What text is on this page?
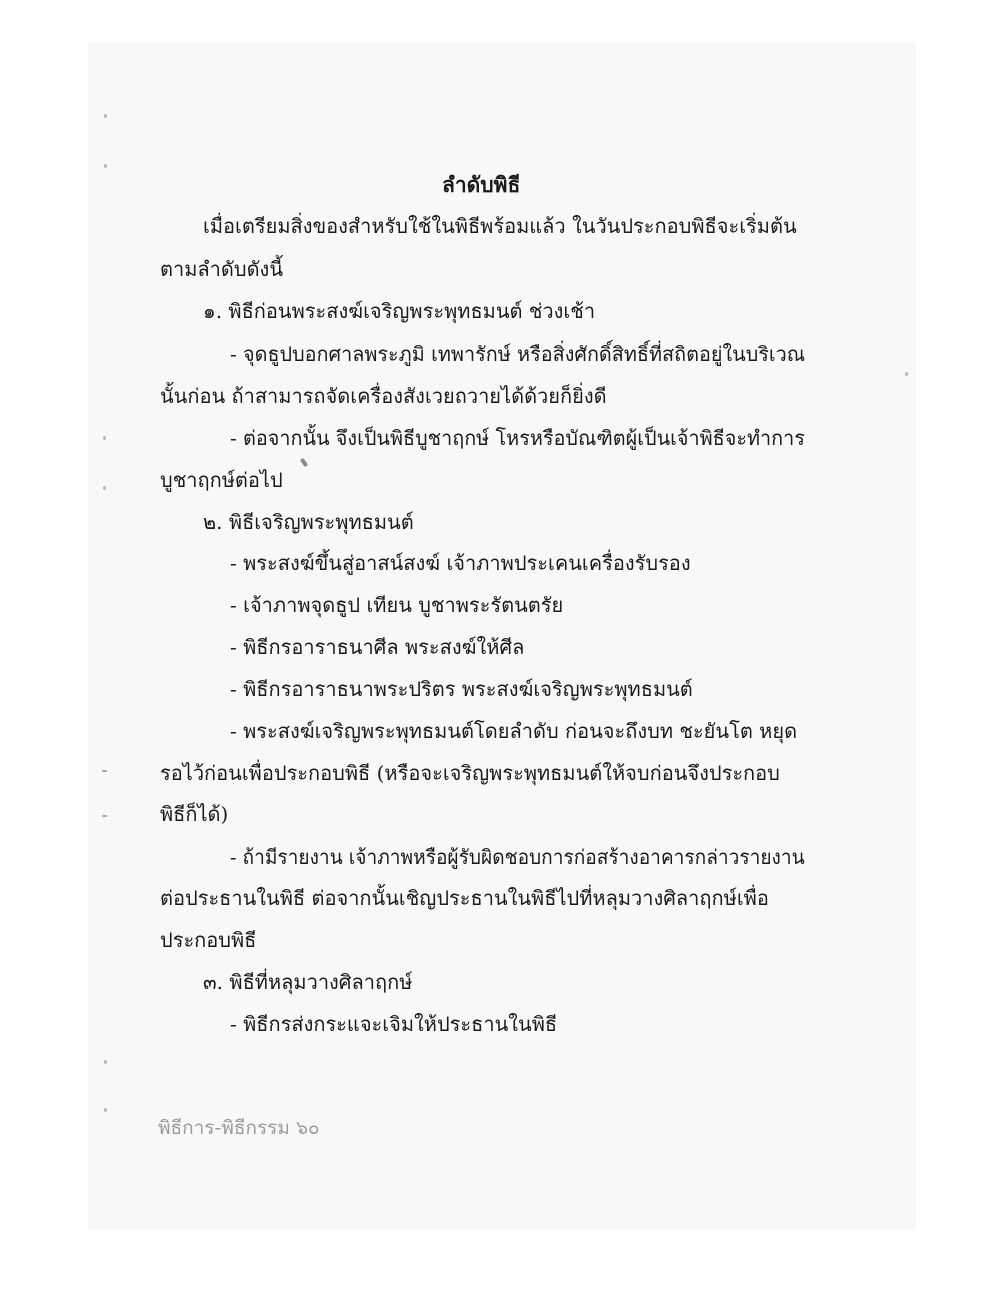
ลำดับพิธี
เมื่อเตรียมสิ่งของสำหรับใช้ในพิธีพร้อมแล้ว ในวันประกอบพิธีจะเริ่มต้น
ตามลำดับดังนี้
๑. พิธีก่อนพระสงฆ์เจริญพระพุทธมนต์ ช่วงเช้า
- จุดธูปบอกศาลพระภูมิ เทพารักษ์ หรือสิ่งศักดิ์สิทธิ์ที่สถิตอยู่ในบริเวณ
นั้นก่อน ถ้าสามารถจัดเครื่องสังเวยถวายได้ด้วยก็ยิ่งดี
- ต่อจากนั้น จึงเป็นพิธีบูชาฤกษ์ โหรหรือบัณฑิตผู้เป็นเจ้าพิธีจะทำการ
บูชาฤกษ์ต่อไป
๒. พิธีเจริญพระพุทธมนต์
- พระสงฆ์ขึ้นสู่อาสน์สงฆ์ เจ้าภาพประเคนเครื่องรับรอง
- เจ้าภาพจุดธูป เทียน บูชาพระรัตนตรัย
- พิธีกรอาราธนาศีล พระสงฆ์ให้ศีล
- พิธีกรอาราธนาพระปริตร พระสงฆ์เจริญพระพุทธมนต์
- พระสงฆ์เจริญพระพุทธมนต์โดยลำดับ ก่อนจะถึงบท ชะยันโต หยุด
รอไว้ก่อนเพื่อประกอบพิธี (หรือจะเจริญพระพุทธมนต์ให้จบก่อนจึงประกอบ
พิธีก็ได้)
- ถ้ามีรายงาน เจ้าภาพหรือผู้รับผิดชอบการก่อสร้างอาคารกล่าวรายงาน
ต่อประธานในพิธี ต่อจากนั้นเชิญประธานในพิธีไปที่หลุมวางศิลาฤกษ์เพื่อ
ประกอบพิธี
๓. พิธีที่หลุมวางศิลาฤกษ์
- พิธีกรส่งกระแจะเจิมให้ประธานในพิธี
พิธีการ-พิธีกรรม ๖๐
